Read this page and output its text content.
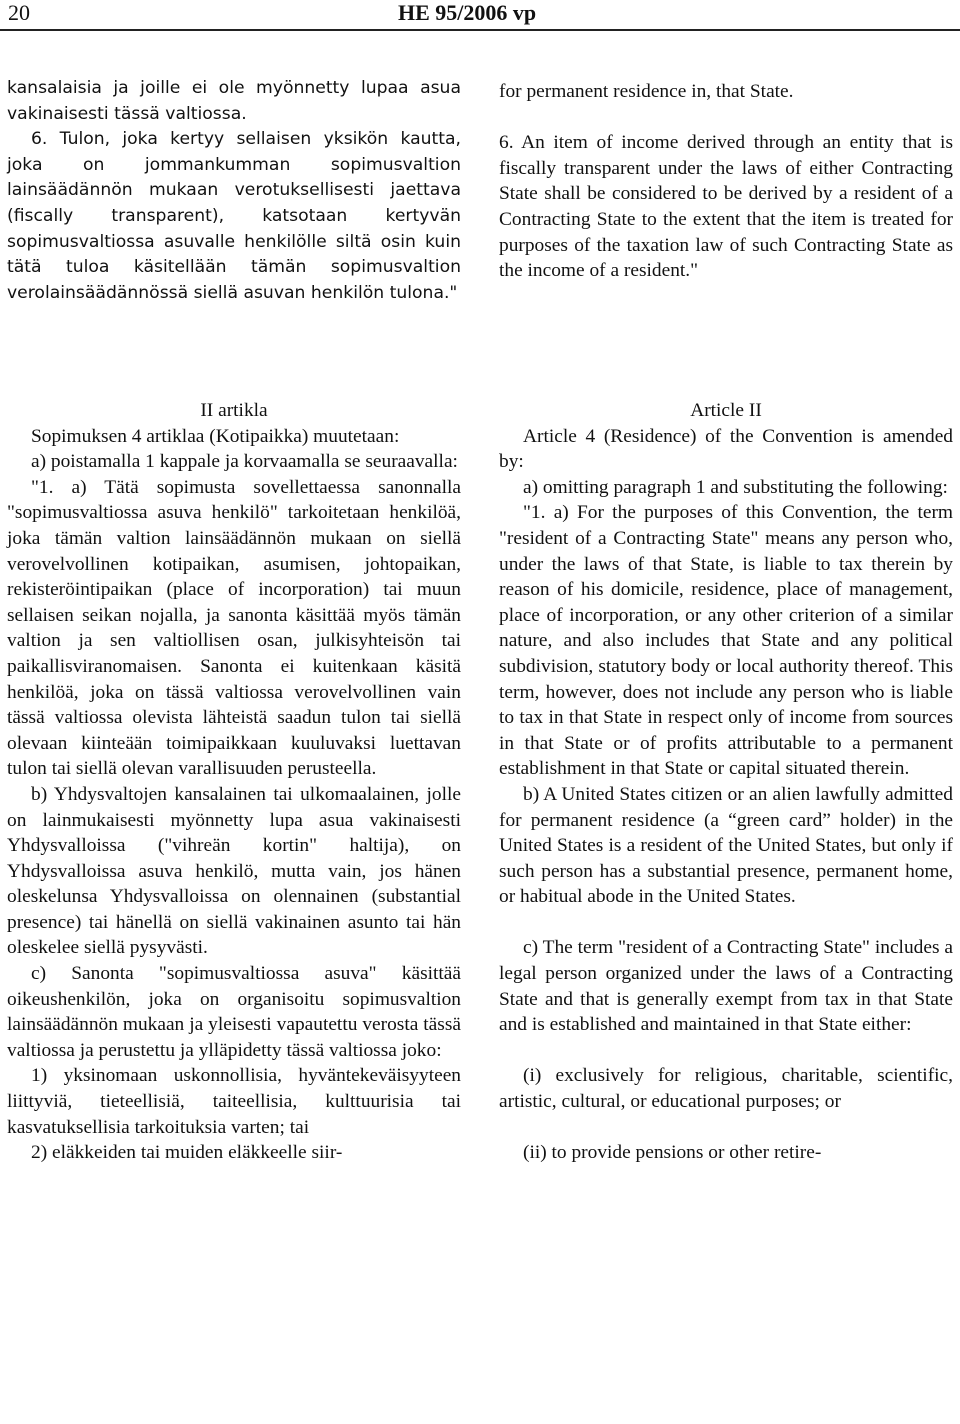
20	HE 95/2006 vp

kansalaisia ja joille ei ole myönnetty lupaa asua vakinaisesti tässä valtiossa.

6. Tulon, joka kertyy sellaisen yksikön kautta, joka on jommankumman sopimusvaltion lainsäädännön mukaan verotuksellisesti jaettava (fiscally transparent), katsotaan kertyvän sopimusvaltiossa asuvalle henkilölle siltä osin kuin tätä tuloa käsitellään tämän sopimusvaltion verolainsäädännössä siellä asuvan henkilön tulona."

for permanent residence in, that State.

6. An item of income derived through an entity that is fiscally transparent under the laws of either Contracting State shall be considered to be derived by a resident of a Contracting State to the extent that the item is treated for purposes of the taxation law of such Contracting State as the income of a resident."

II artikla

Sopimuksen 4 artiklaa (Kotipaikka) muutetaan:

a) poistamalla 1 kappale ja korvaamalla se seuraavalla:

"1. a) Tätä sopimusta sovellettaessa sanonnalla "sopimusvaltiossa asuva henkilö" tarkoitetaan henkilöä, joka tämän valtion lainsäädännön mukaan on siellä verovelvollinen kotipaikan, asumisen, johtopaikan, rekisteröintipaikan (place of incorporation) tai muun sellaisen seikan nojalla, ja sanonta käsittää myös tämän valtion ja sen valtiollisen osan, julkisyhteisön tai paikallisviranomaisen. Sanonta ei kuitenkaan käsitä henkilöä, joka on tässä valtiossa verovelvollinen vain tässä valtiossa olevista lähteistä saadun tulon tai siellä olevaan kiinteään toimipaikkaan kuuluvaksi luettavan tulon tai siellä olevan varallisuuden perusteella.

b) Yhdysvaltojen kansalainen tai ulkomaalainen, jolle on lainmukaisesti myönnetty lupa asua vakinaisesti Yhdysvalloissa ("vihreän kortin" haltija), on Yhdysvalloissa asuva henkilö, mutta vain, jos hänen oleskelunsa Yhdysvalloissa on olennainen (substantial presence) tai hänellä on siellä vakinainen asunto tai hän oleskelee siellä pysyvästi.

c) Sanonta "sopimusvaltiossa asuva" käsittää oikeushenkilön, joka on organisoitu sopimusvaltion lainsäädännön mukaan ja yleisesti vapautettu verosta tässä valtiossa ja perustettu ja ylläpidetty tässä valtiossa joko:

1) yksinomaan uskonnollisia, hyväntekeväisyyteen liittyviä, tieteellisiä, taiteellisia, kulttuurisia tai kasvatuksellisia tarkoituksia varten; tai

2) eläkkeiden tai muiden eläkkeelle siir-

Article II

Article 4 (Residence) of the Convention is amended by:

a) omitting paragraph 1 and substituting the following:

"1. a) For the purposes of this Convention, the term "resident of a Contracting State" means any person who, under the laws of that State, is liable to tax therein by reason of his domicile, residence, place of management, place of incorporation, or any other criterion of a similar nature, and also includes that State and any political subdivision, statutory body or local authority thereof. This term, however, does not include any person who is liable to tax in that State in respect only of income from sources in that State or of profits attributable to a permanent establishment in that State or capital situated therein.

b) A United States citizen or an alien lawfully admitted for permanent residence (a “green card” holder) in the United States is a resident of the United States, but only if such person has a substantial presence, permanent home, or habitual abode in the United States.

c) The term "resident of a Contracting State" includes a legal person organized under the laws of a Contracting State and that is generally exempt from tax in that State and is established and maintained in that State either:

(i) exclusively for religious, charitable, scientific, artistic, cultural, or educational purposes; or

(ii) to provide pensions or other retire-
